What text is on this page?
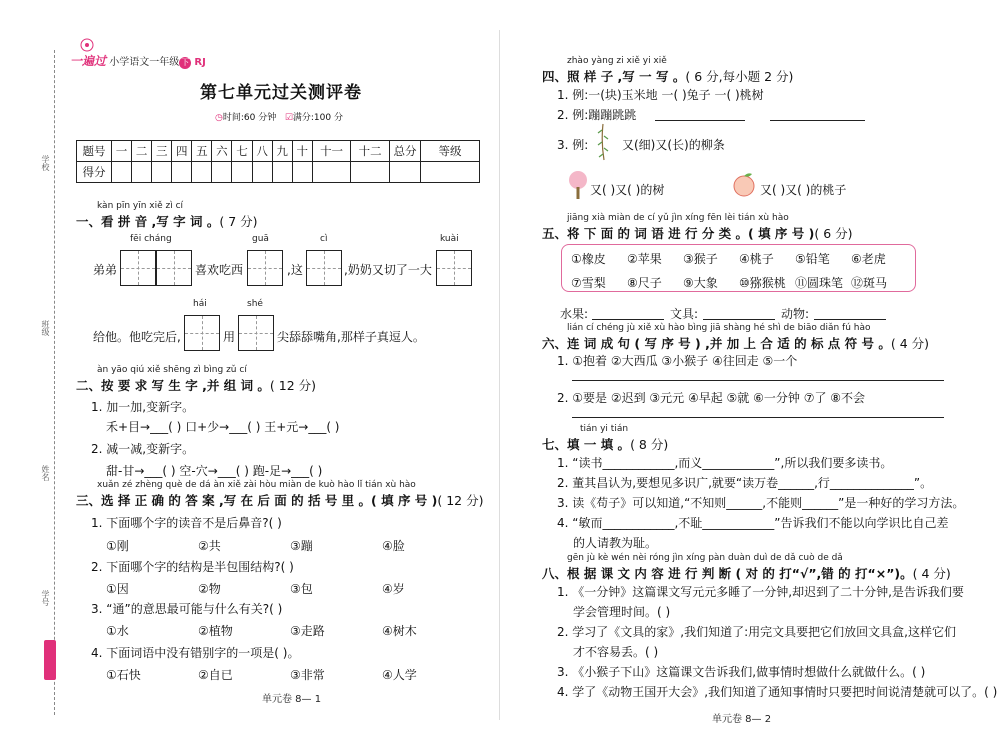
学校
班级
姓名
学号
一遍过 小学语文一年级 下 RJ
第七单元过关测评卷
◷时间:60 分钟 ☑满分:100 分
题号	一	二	三	四	五	六	七	八	九	十	十一	十二	总分	等级
得分														
kàn pīn yīn xiě zì cí
一、看 拼 音 ,写 字 词 。( 7 分)
fēi cháng	guā	cì	kuài
弟弟	喜欢吃西	,这	,奶奶又切了一大
hái	shé
给他。他吃完后,	用	尖舔舔嘴角,那样子真逗人。
àn yāo qiú xiě shēng zì bìng zǔ cí
二、按 要 求 写 生 字 ,并 组 词 。( 12 分)
1. 加一加,变新字。
禾+目→___( ) 口+少→___( ) 王+元→___( )
2. 减一减,变新字。
甜-甘→___( ) 空-穴→___( ) 跑-足→___( )
xuǎn zé zhèng què de dá àn xiě zài hòu miàn de kuò hào lǐ tián xù hào
三、选 择 正 确 的 答 案 ,写 在 后 面 的 括 号 里 。( 填 序 号 )( 12 分)
1. 下面哪个字的读音不是后鼻音?( )
①刚	②共	③蹦	④脸
2. 下面哪个字的结构是半包围结构?( )
①因	②物	③包	④岁
3. “通”的意思最可能与什么有关?( )
①水	②植物	③走路	④树木
4. 下面词语中没有错别字的一项是( )。
①石快	②自已	③非常	④人学
单元卷 8— 1
zhào yàng zi xiě yi xiě
四、照 样 子 ,写 一 写 。( 6 分,每小题 2 分)
1. 例:一(块)玉米地 一( )兔子 一( )桃树
2. 例:蹦蹦跳跳
3. 例:	又(细)又(长)的柳条
又( )又( )的树	又( )又( )的桃子
jiāng xià miàn de cí yǔ jìn xíng fēn lèi tián xù hào
五、将 下 面 的 词 语 进 行 分 类 。( 填 序 号 )( 6 分)
①橡皮 ②苹果 ③猴子 ④桃子 ⑤铅笔 ⑥老虎
⑦雪梨 ⑧尺子 ⑨大象 ⑩猕猴桃 ⑪圆珠笔 ⑫斑马
水果:	文具:	动物:
lián cí chéng jù xiě xù hào bìng jiā shàng hé shì de biāo diǎn fú hào
六、连 词 成 句 ( 写 序 号 ) ,并 加 上 合 适 的 标 点 符 号 。( 4 分)
1. ①抱着 ②大西瓜 ③小猴子 ④往回走 ⑤一个
2. ①要是 ②迟到 ③元元 ④早起 ⑤就 ⑥一分钟 ⑦了 ⑧不会
tián yi tián
七、填 一 填 。( 8 分)
1. “读书____________,而义____________”,所以我们要多读书。
2. 董其昌认为,要想见多识广,就要“读万卷______,行______________”。
3. 读《苟子》可以知道,“不知则______,不能则______”是一种好的学习方法。
4. “敏而____________,不耻____________”告诉我们不能以向学识比自己差
的人请教为耻。
gēn jù kè wén nèi róng jìn xíng pàn duàn duì de dǎ cuò de dǎ
八、根 据 课 文 内 容 进 行 判 断 ( 对 的 打“√”,错 的 打“×”)。( 4 分)
1. 《一分钟》这篇课文写元元多睡了一分钟,却迟到了二十分钟,是告诉我们要
学会管理时间。( )
2. 学习了《文具的家》,我们知道了:用完文具要把它们放回文具盒,这样它们
才不容易丢。( )
3. 《小猴子下山》这篇课文告诉我们,做事情时想做什么就做什么。( )
4. 学了《动物王国开大会》,我们知道了通知事情时只要把时间说清楚就可以了。( )
单元卷 8— 2
